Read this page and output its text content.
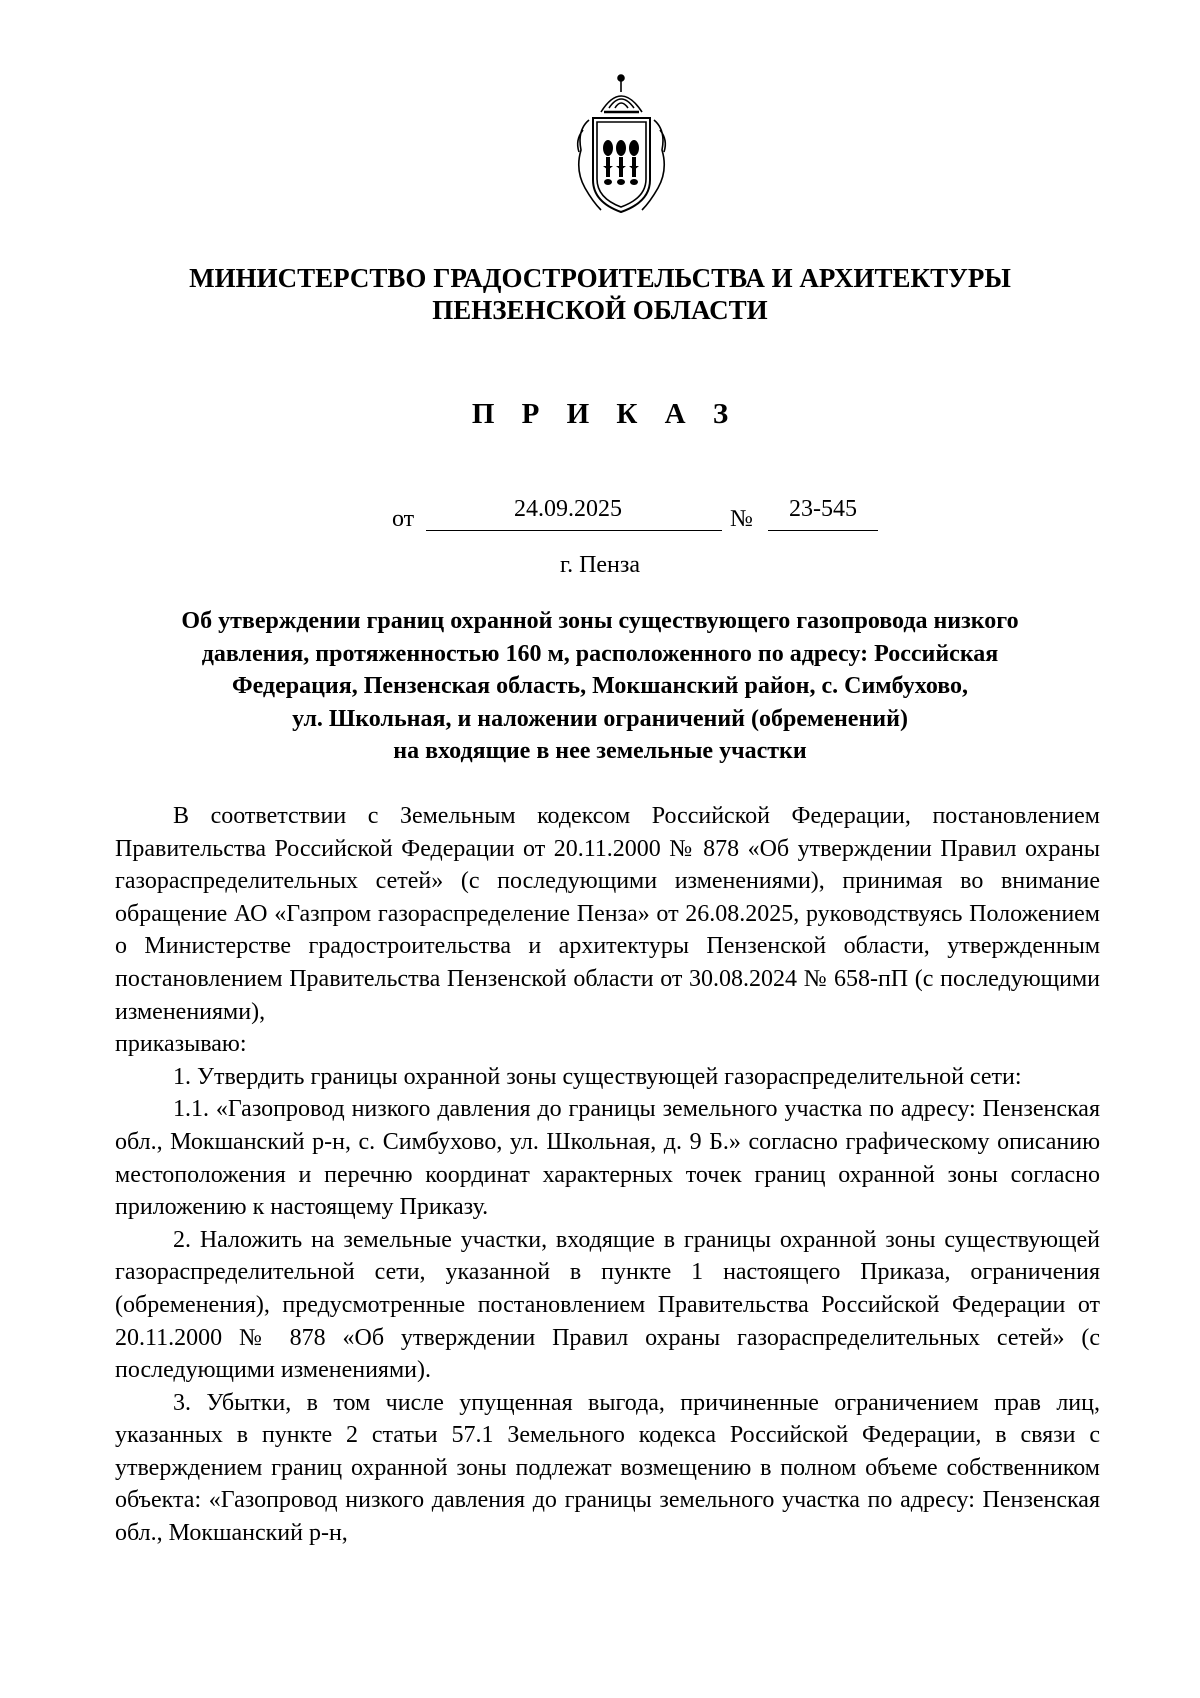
МИНИСТЕРСТВО ГРАДОСТРОИТЕЛЬСТВА И АРХИТЕКТУРЫ
ПЕНЗЕНСКОЙ ОБЛАСТИ
П Р И К А З
от	24.09.2025	№	23-545
г. Пенза
Об утверждении границ охранной зоны существующего газопровода низкого
давления, протяженностью 160 м, расположенного по адресу: Российская
Федерация, Пензенская область, Мокшанский район, с. Симбухово,
ул. Школьная, и наложении ограничений (обременений)
на входящие в нее земельные участки

В соответствии с Земельным кодексом Российской Федерации, постановлением Правительства Российской Федерации от 20.11.2000 № 878 «Об утверждении Правил охраны газораспределительных сетей» (с последующими изменениями), принимая во внимание обращение АО «Газпром газораспределение Пенза» от 26.08.2025, руководствуясь Положением о Министерстве градостроительства и архитектуры Пензенской области, утвержденным постановлением Правительства Пензенской области от 30.08.2024 № 658-пП (с последующими изменениями),

приказываю:

1. Утвердить границы охранной зоны существующей газораспределительной сети:

1.1. «Газопровод низкого давления до границы земельного участка по адресу: Пензенская обл., Мокшанский р-н, с. Симбухово, ул. Школьная, д. 9 Б.» согласно графическому описанию местоположения и перечню координат характерных точек границ охранной зоны согласно приложению к настоящему Приказу.

2. Наложить на земельные участки, входящие в границы охранной зоны существующей газораспределительной сети, указанной в пункте 1 настоящего Приказа, ограничения (обременения), предусмотренные постановлением Правительства Российской Федерации от 20.11.2000 № 878 «Об утверждении Правил охраны газораспределительных сетей» (с последующими изменениями).

3. Убытки, в том числе упущенная выгода, причиненные ограничением прав лиц, указанных в пункте 2 статьи 57.1 Земельного кодекса Российской Федерации, в связи с утверждением границ охранной зоны подлежат возмещению в полном объеме собственником объекта: «Газопровод низкого давления до границы земельного участка по адресу: Пензенская обл., Мокшанский р-н,
